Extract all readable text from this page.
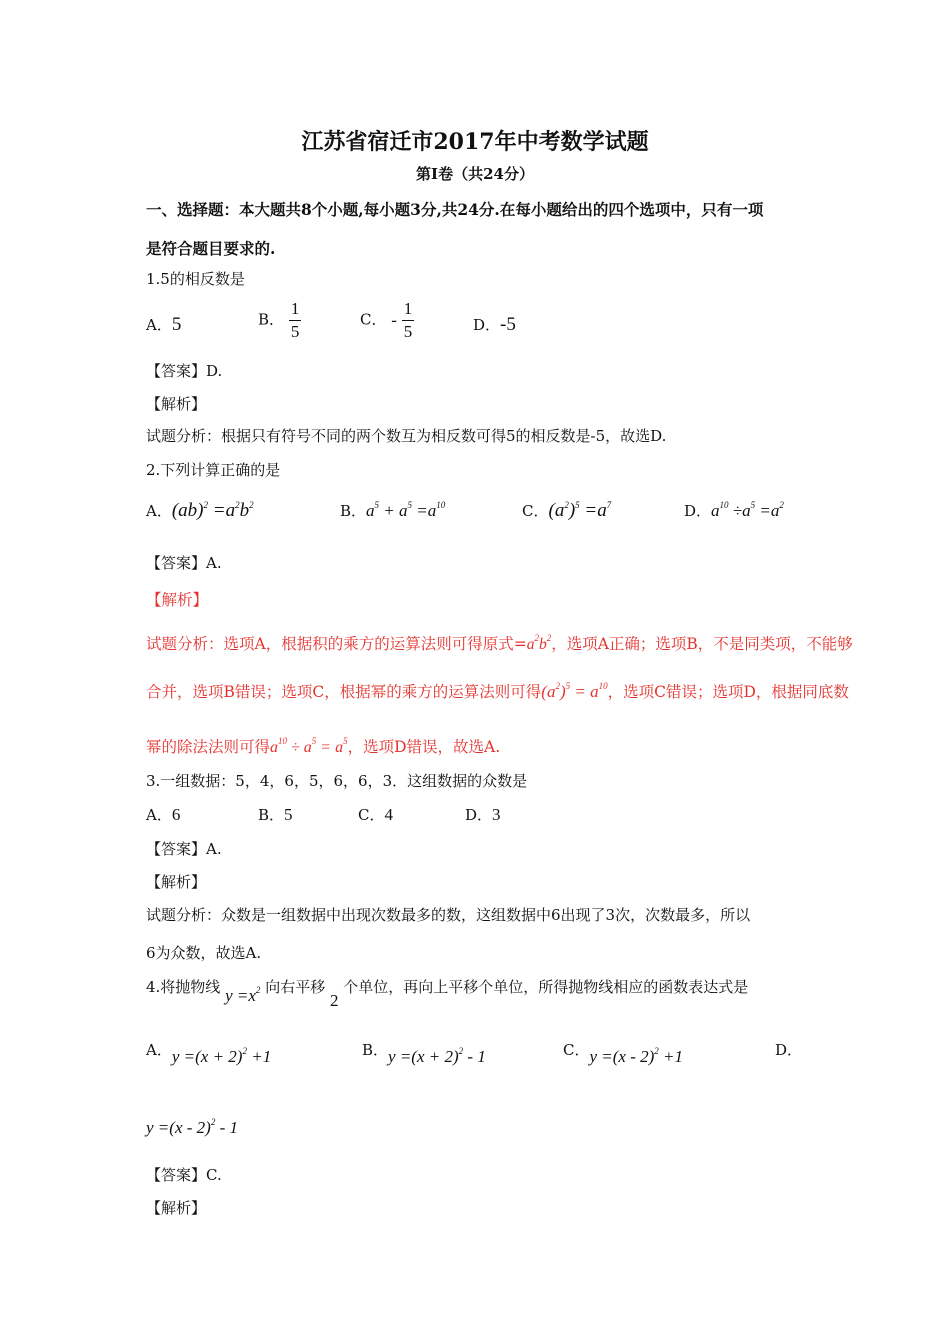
江苏省宿迁市2017年中考数学试题
第Ⅰ卷（共24分）
一、选择题：本大题共8个小题,每小题3分,共24分.在每小题给出的四个选项中，只有一项
是符合题目要求的.
1.5的相反数是
A．5	B． $\frac{1}{5}$	C． - $\frac{1}{5}$	D．-5
【答案】D.
【解析】
试题分析：根据只有符号不同的两个数互为相反数可得5的相反数是-5，故选D.
2.下列计算正确的是
A．$(ab)^2 =a^2b^2$	B．$a^5 + a^5 =a^{10}$	C．$(a^2)^5 =a^7$	D．$a^{10} \div a^5 =a^2$
【答案】A.
【解析】
试题分析：选项A，根据积的乘方的运算法则可得原式$=a^2b^2$，选项A正确；选项B，不是同类项，不能够
合并，选项B错误；选项C，根据幂的乘方的运算法则可得$(a^2)^5 = a^{10}$，选项C错误；选项D，根据同底数
幂的除法法则可得$a^{10} \div a^5 = a^5$，选项D错误，故选A.
3.一组数据：5，4，6，5，6，6，3．这组数据的众数是
A．6	B．5	C．4	D．3
【答案】A.
【解析】
试题分析：众数是一组数据中出现次数最多的数，这组数据中6出现了3次，次数最多，所以
6为众数，故选A.
4.将抛物线 $y =x^2$ 向右平移 2 个单位，再向上平移个单位，所得抛物线相应的函数表达式是
A．$y =(x + 2)^2 +1$	B．$y =(x + 2)^2 - 1$	C．y =(x - 2)$^2$ +1	D．
y =(x - 2)$^2$ - 1
【答案】C.
【解析】
